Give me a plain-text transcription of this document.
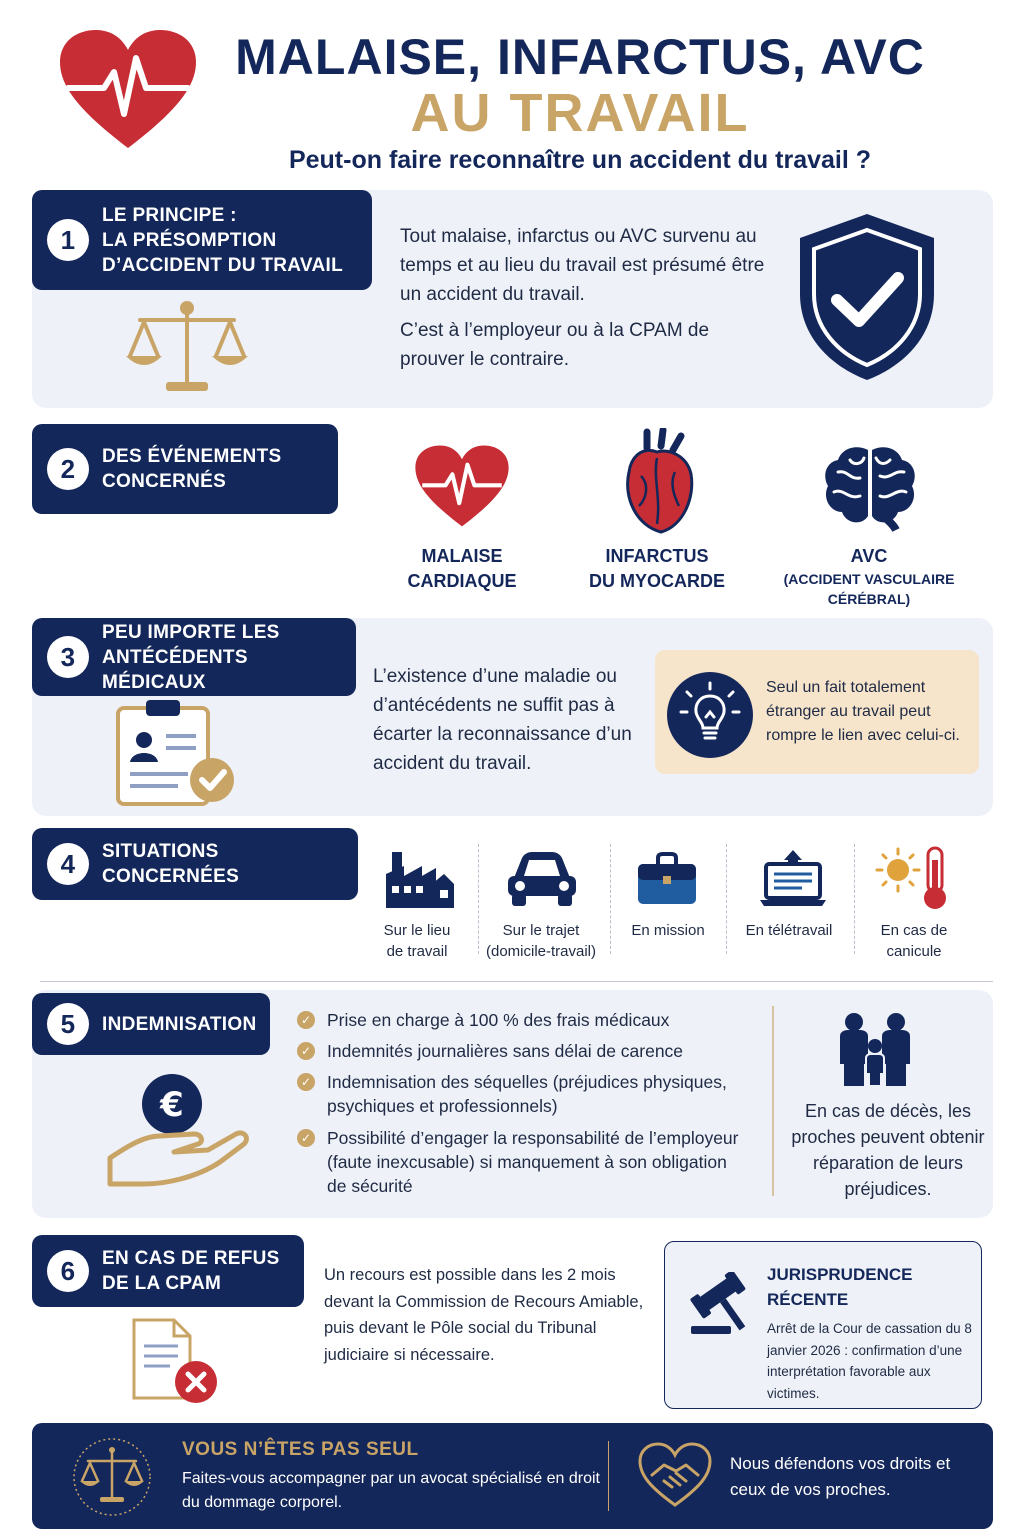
MALAISE, INFARCTUS, AVC
AU TRAVAIL
Peut-on faire reconnaître un accident du travail ?
1
LE PRINCIPE :
LA PRÉSOMPTION
D’ACCIDENT DU TRAVAIL
Tout malaise, infarctus ou AVC survenu au temps et au lieu du travail est présumé être un accident du travail.
C’est à l’employeur ou à la CPAM de prouver le contraire.
2	DES ÉVÉNEMENTS
CONCERNÉS
MALAISE
CARDIAQUE
INFARCTUS
DU MYOCARDE
AVC
(ACCIDENT VASCULAIRE
CÉRÉBRAL)
3
PEU IMPORTE LES
ANTÉCÉDENTS MÉDICAUX	L’existence d’une maladie ou d’antécédents ne suffit pas à écarter la reconnaissance d’un accident du travail.
Seul un fait totalement étranger au travail peut rompre le lien avec celui-ci.
4	SITUATIONS CONCERNÉES
Sur le lieu
de travail
Sur le trajet
(domicile-travail)
En mission	En télétravail	En cas de
canicule
5	INDEMNISATION
€
✓ Prise en charge à 100 % des frais médicaux
✓ Indemnités journalières sans délai de carence
✓ Indemnisation des séquelles (préjudices physiques, psychiques et professionnels)
✓ Possibilité d’engager la responsabilité de l’employeur (faute inexcusable) si manquement à son obligation de sécurité
En cas de décès, les proches peuvent obtenir réparation de leurs préjudices.
6	EN CAS DE REFUS
DE LA CPAM	Un recours est possible dans les 2 mois devant la Commission de Recours Amiable, puis devant le Pôle social du Tribunal judiciaire si nécessaire.
JURISPRUDENCE
RÉCENTE
Arrêt de la Cour de cassation du 8 janvier 2026 : confirmation d’une interprétation favorable aux victimes.
VOUS N’ÊTES PAS SEUL
Faites-vous accompagner par un avocat spécialisé en droit du dommage corporel.
Nous défendons vos droits et ceux de vos proches.
